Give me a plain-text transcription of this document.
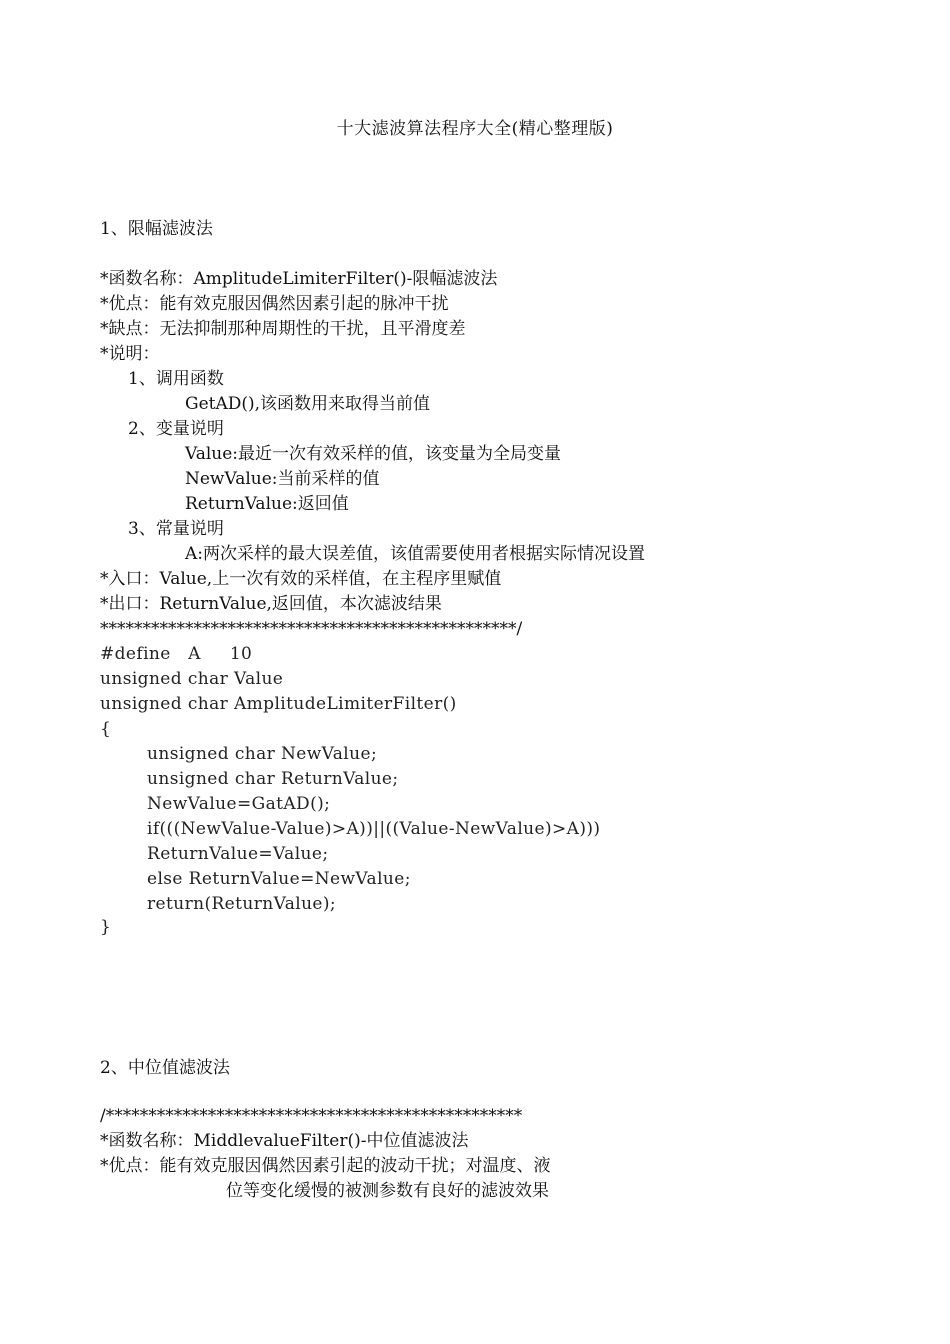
十大滤波算法程序大全(精心整理版)
1、限幅滤波法
*函数名称：AmplitudeLimiterFilter()-限幅滤波法
*优点：能有效克服因偶然因素引起的脉冲干扰
*缺点：无法抑制那种周期性的干扰，且平滑度差
*说明：
1、调用函数
GetAD(),该函数用来取得当前值
2、变量说明
Value:最近一次有效采样的值，该变量为全局变量
NewValue:当前采样的值
ReturnValue:返回值
3、常量说明
A:两次采样的最大误差值，该值需要使用者根据实际情况设置
*入口：Value,上一次有效的采样值，在主程序里赋值
*出口：ReturnValue,返回值，本次滤波结果
*************************************************/
#define   A     10
unsigned char Value
unsigned char AmplitudeLimiterFilter()
{
unsigned char NewValue;
unsigned char ReturnValue;
NewValue=GatAD();
if(((NewValue-Value)>A))||((Value-NewValue)>A)))
ReturnValue=Value;
else ReturnValue=NewValue;
return(ReturnValue);
}
2、中位值滤波法
/*************************************************
*函数名称：MiddlevalueFilter()-中位值滤波法
*优点：能有效克服因偶然因素引起的波动干扰；对温度、液
位等变化缓慢的被测参数有良好的滤波效果
